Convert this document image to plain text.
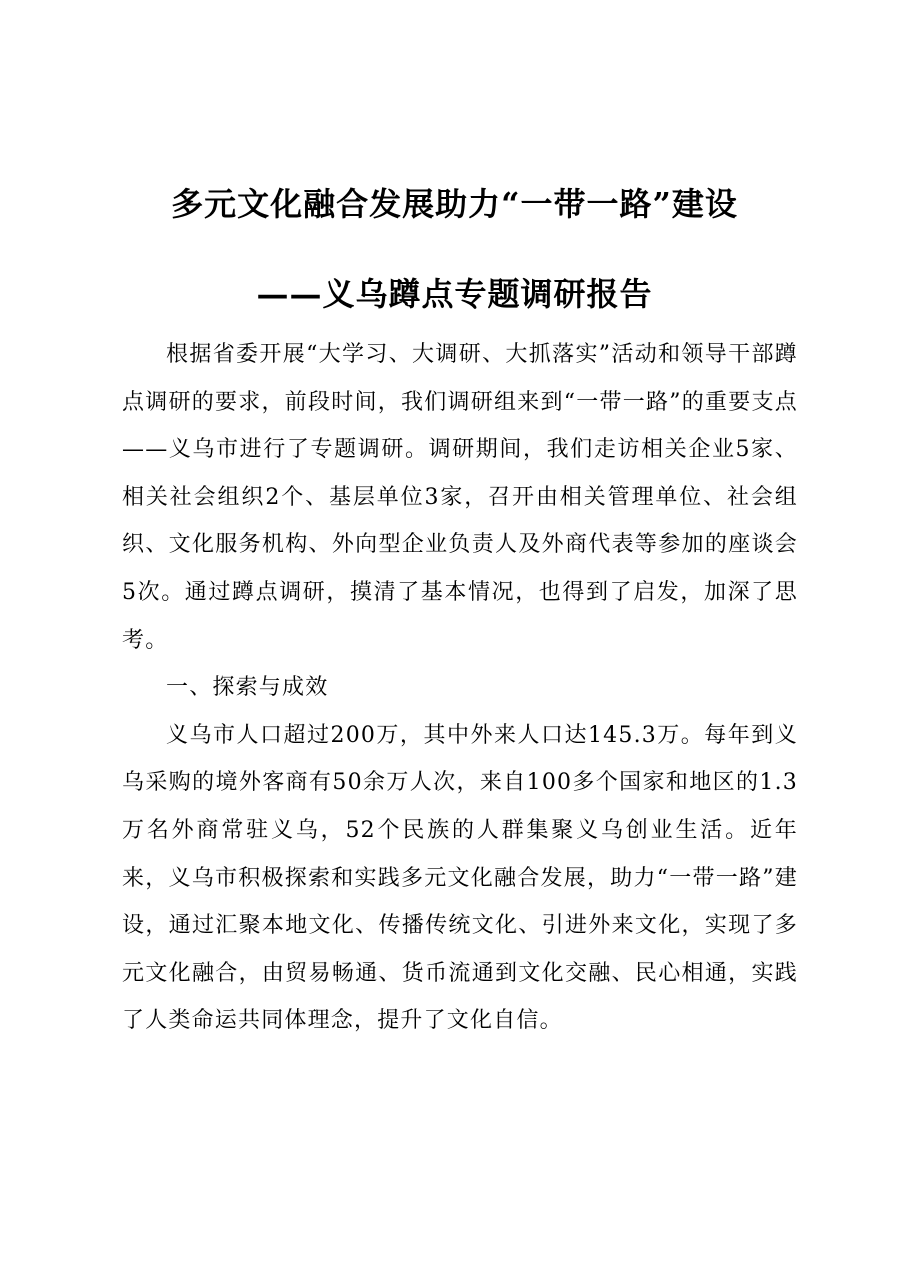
多元文化融合发展助力“一带一路”建设
——义乌蹲点专题调研报告

根据省委开展“大学习、大调研、大抓落实”活动和领导干部蹲点调研的要求，前段时间，我们调研组来到“一带一路”的重要支点——义乌市进行了专题调研。调研期间，我们走访相关企业5家、相关社会组织2个、基层单位3家，召开由相关管理单位、社会组织、文化服务机构、外向型企业负责人及外商代表等参加的座谈会5次。通过蹲点调研，摸清了基本情况，也得到了启发，加深了思考。

一、探索与成效

义乌市人口超过200万，其中外来人口达145.3万。每年到义乌采购的境外客商有50余万人次，来自100多个国家和地区的1.3万名外商常驻义乌，52个民族的人群集聚义乌创业生活。近年来，义乌市积极探索和实践多元文化融合发展，助力“一带一路”建设，通过汇聚本地文化、传播传统文化、引进外来文化，实现了多元文化融合，由贸易畅通、货币流通到文化交融、民心相通，实践了人类命运共同体理念，提升了文化自信。
